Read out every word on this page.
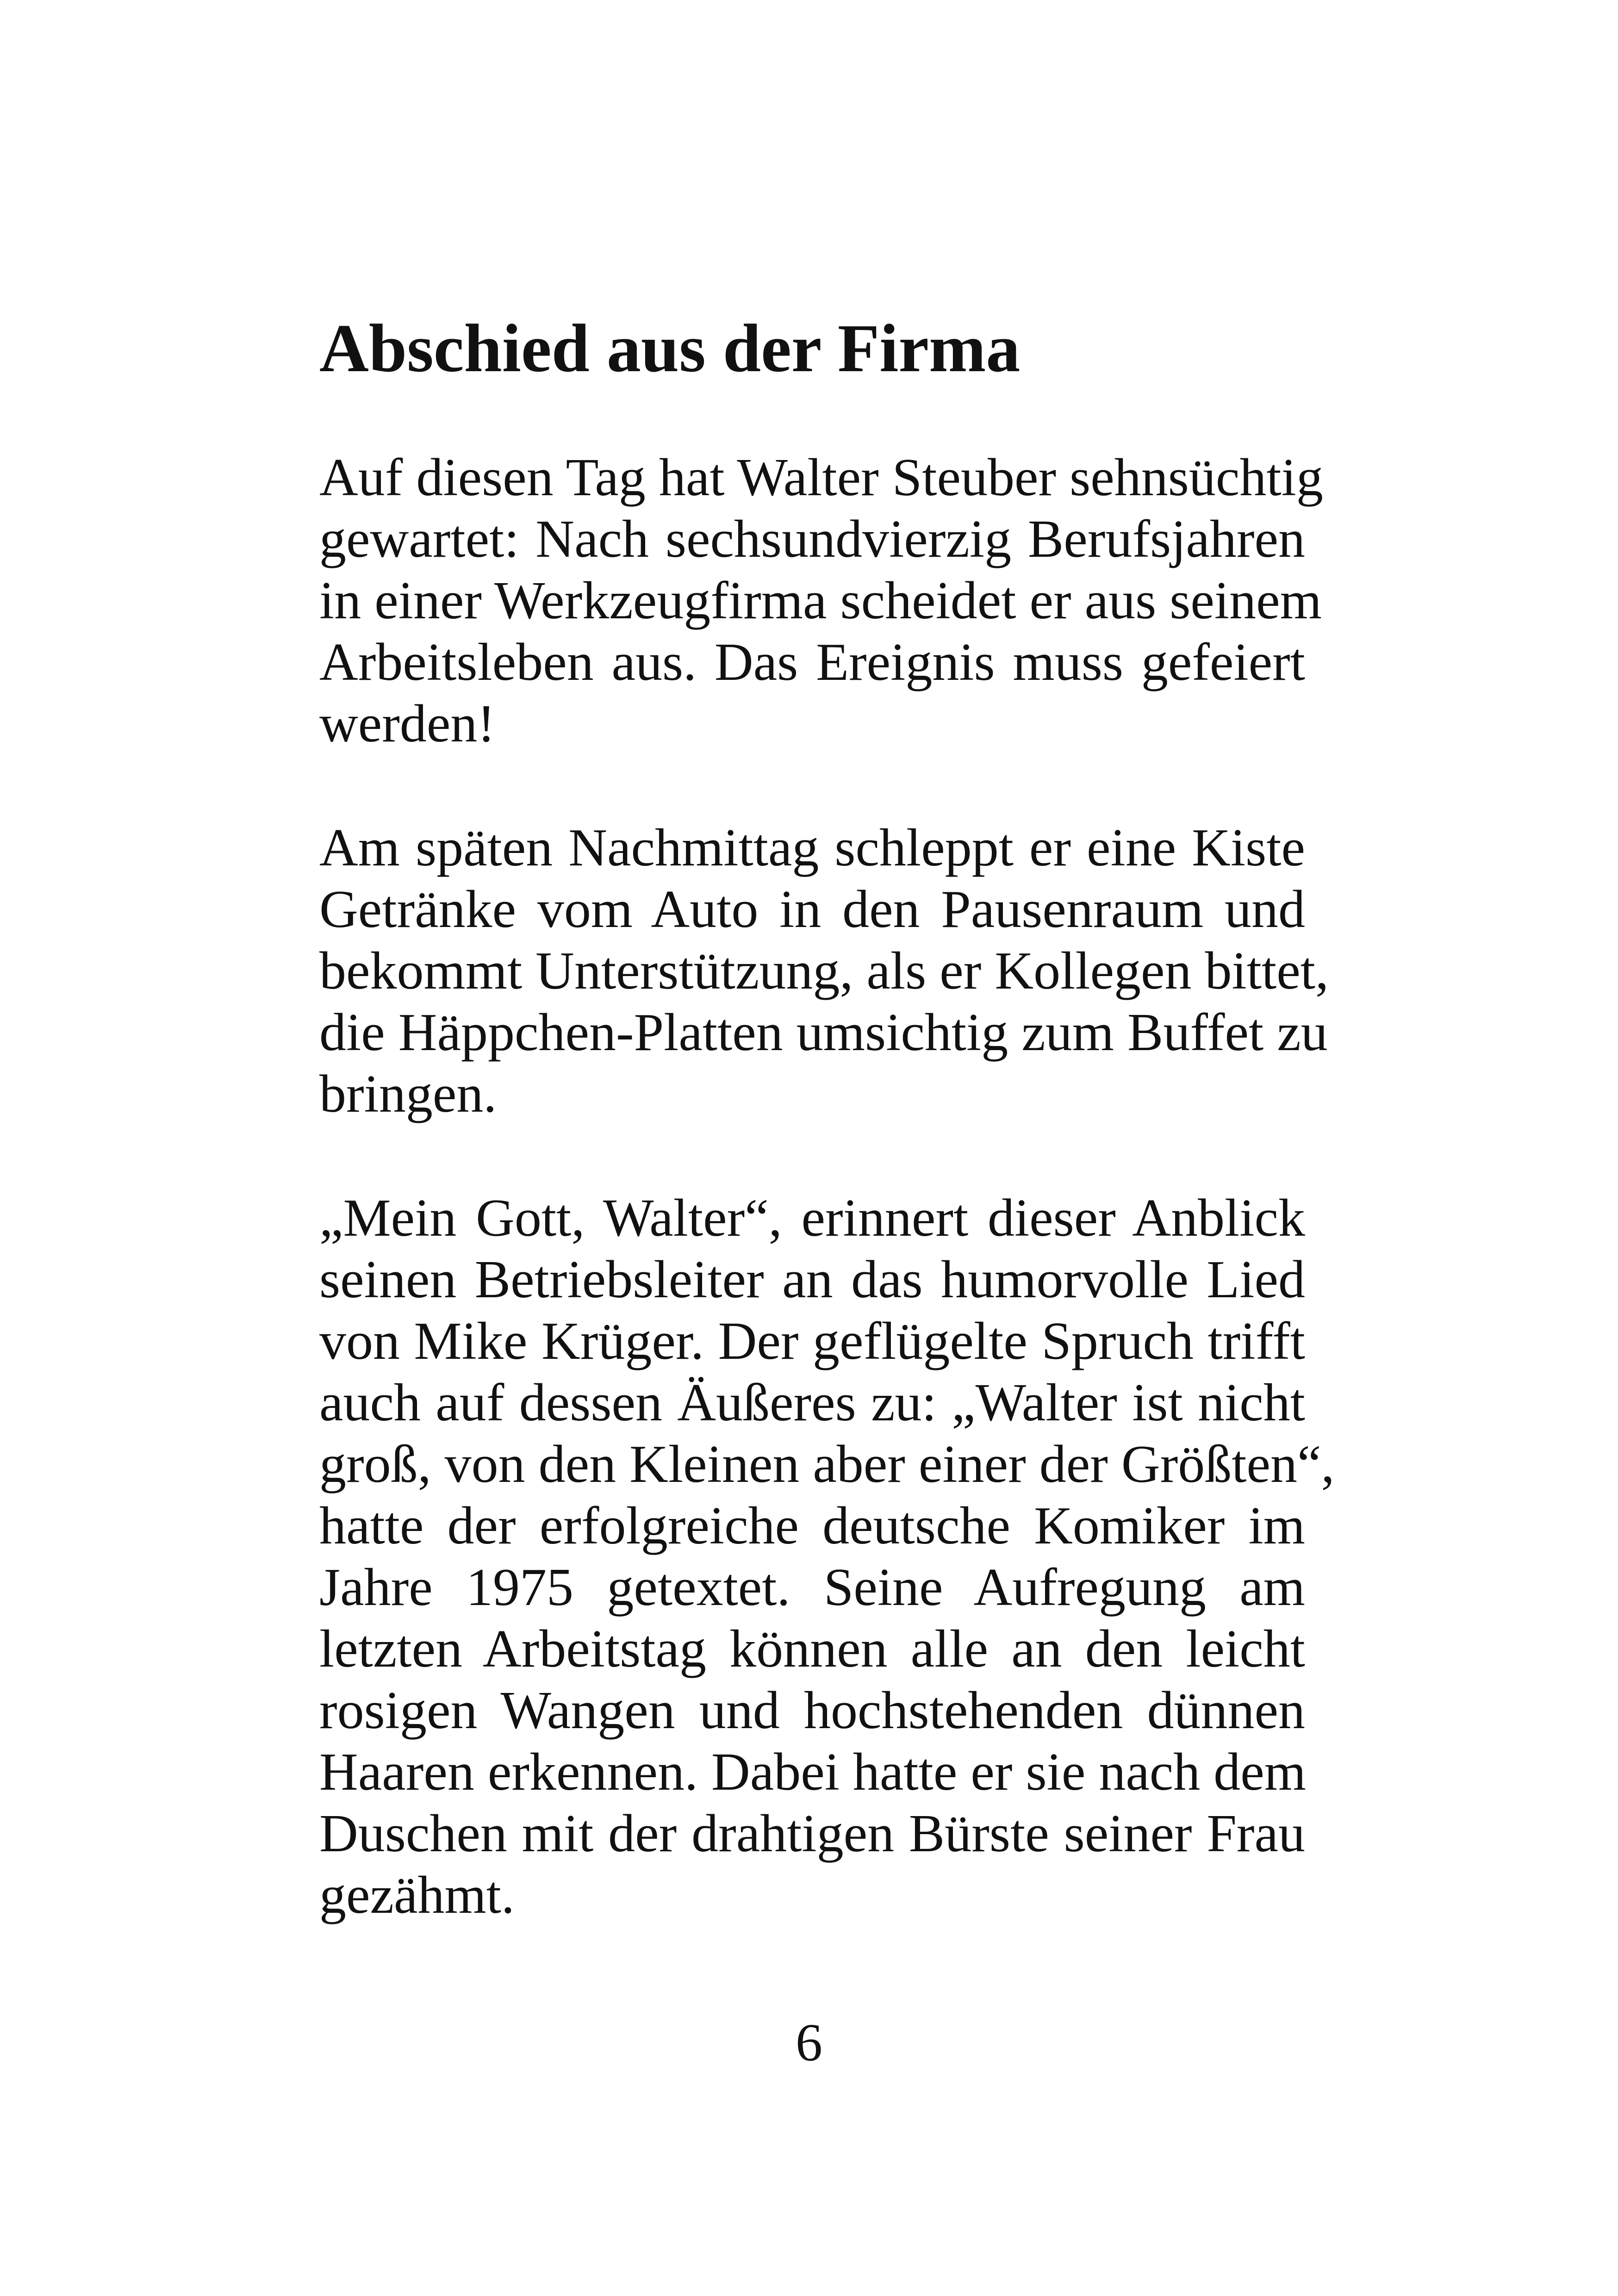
Abschied aus der Firma
Auf diesen Tag hat Walter Steuber sehnsüchtig
gewartet: Nach sechsundvierzig Berufsjahren
in einer Werkzeugfirma scheidet er aus seinem
Arbeitsleben aus. Das Ereignis muss gefeiert
werden!
Am späten Nachmittag schleppt er eine Kiste
Getränke vom Auto in den Pausenraum und
bekommt Unterstützung, als er Kollegen bittet,
die Häppchen-Platten umsichtig zum Buffet zu
bringen.
„Mein Gott, Walter“, erinnert dieser Anblick
seinen Betriebsleiter an das humorvolle Lied
von Mike Krüger. Der geflügelte Spruch trifft
auch auf dessen Äußeres zu: „Walter ist nicht
groß, von den Kleinen aber einer der Größten“,
hatte der erfolgreiche deutsche Komiker im
Jahre 1975 getextet. Seine Aufregung am
letzten Arbeitstag können alle an den leicht
rosigen Wangen und hochstehenden dünnen
Haaren erkennen. Dabei hatte er sie nach dem
Duschen mit der drahtigen Bürste seiner Frau
gezähmt.
6
